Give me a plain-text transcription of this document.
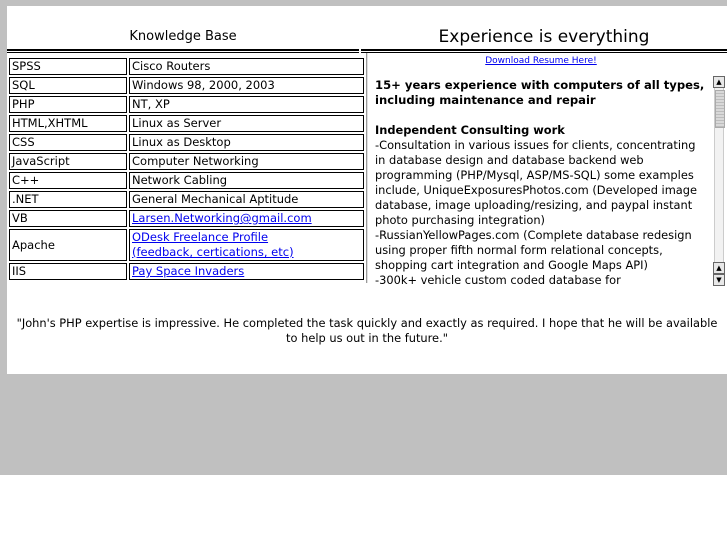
Knowledge Base	Experience is everything
SPSS	Cisco Routers
SQL	Windows 98, 2000, 2003
PHP	NT, XP
HTML,XHTML	Linux as Server
CSS	Linux as Desktop
JavaScript	Computer Networking
C++	Network Cabling
.NET	General Mechanical Aptitude
VB	Larsen.Networking@gmail.com
Apache	ODesk Freelance Profile
(feedback, certications, etc)
IIS	Pay Space Invaders
Download Resume Here!
15+ years experience with computers of all types, including maintenance and repair
Independent Consulting work
-Consultation in various issues for clients, concentrating in database design and database backend web programming (PHP/Mysql, ASP/MS-SQL) some examples include, UniqueExposuresPhotos.com (Developed image database, image uploading/resizing, and paypal instant photo purchasing integration)
-RussianYellowPages.com (Complete database redesign using proper fifth normal form relational concepts, shopping cart integration and Google Maps API)
-300k+ vehicle custom coded database for
▲
▲
▼
"John's PHP expertise is impressive. He completed the task quickly and exactly as required. I hope that he will be available to help us out in the future."
